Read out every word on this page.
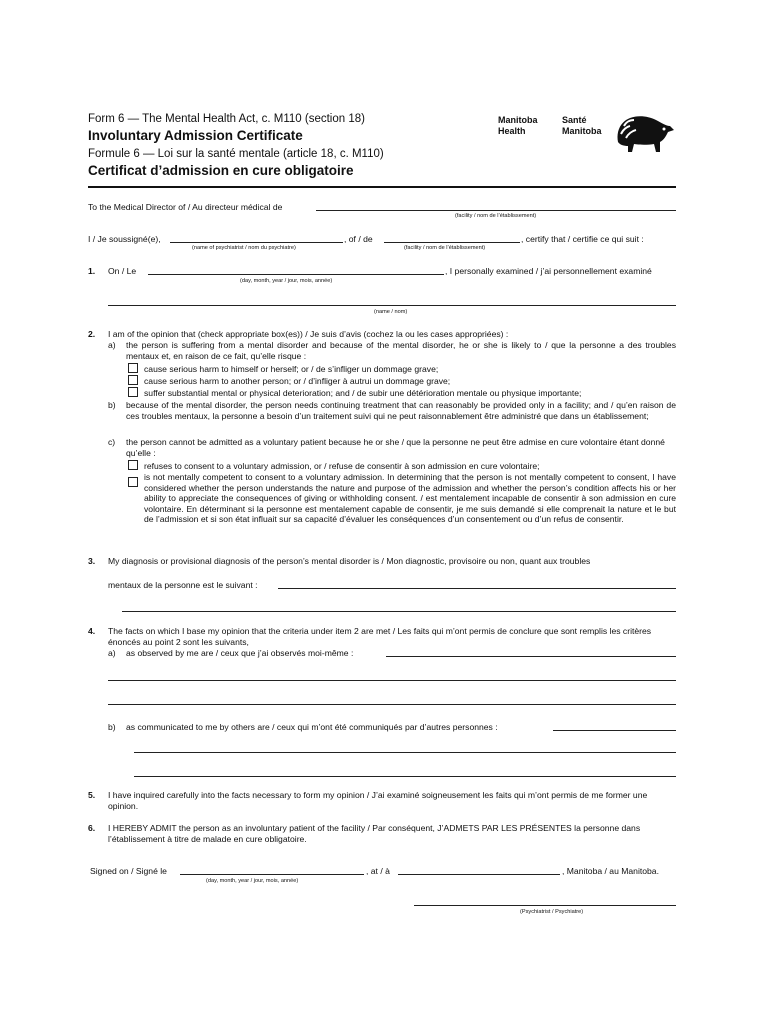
Form 6 — The Mental Health Act, c. M110 (section 18)
Involuntary Admission Certificate
Formule 6 — Loi sur la santé mentale (article 18, c. M110)
Certificat d’admission en cure obligatoire
Manitoba Health
Santé Manitoba
To the Medical Director of / Au directeur médical de
(facility / nom de l’établissement)
I / Je soussigné(e),	, of / de	, certify that / certifie ce qui suit :
(name of psychiatrist / nom du psychiatre)	(facility / nom de l’établissement)
1. On / Le	, I personally examined / j’ai personnellement examiné
(day, month, year / jour, mois, année)
(name / nom)
2. I am of the opinion that (check appropriate box(es)) / Je suis d’avis (cochez la ou les cases appropriées) :
a) the person is suffering from a mental disorder and because of the mental disorder, he or she is likely to / que la personne a des troubles mentaux et, en raison de ce fait, qu’elle risque :
cause serious harm to himself or herself; or / de s’infliger un dommage grave;
cause serious harm to another person; or / d’infliger à autrui un dommage grave;
suffer substantial mental or physical deterioration; and / de subir une détérioration mentale ou physique importante;
b) because of the mental disorder, the person needs continuing treatment that can reasonably be provided only in a facility; and / qu’en raison de ces troubles mentaux, la personne a besoin d’un traitement suivi qui ne peut raisonnablement être administré que dans un établissement;
c) the person cannot be admitted as a voluntary patient because he or she / que la personne ne peut être admise en cure volontaire étant donné qu’elle :
refuses to consent to a voluntary admission, or / refuse de consentir à son admission en cure volontaire;
is not mentally competent to consent to a voluntary admission. In determining that the person is not mentally competent to consent, I have considered whether the person understands the nature and purpose of the admission and whether the person’s condition affects his or her ability to appreciate the consequences of giving or withholding consent. / est mentalement incapable de consentir à son admission en cure volontaire. En déterminant si la personne est mentalement capable de consentir, je me suis demandé si elle comprenait la nature et le but de l’admission et si son état influait sur sa capacité d’évaluer les conséquences d’un consentement ou d’un refus de consentir.
3. My diagnosis or provisional diagnosis of the person’s mental disorder is / Mon diagnostic, provisoire ou non, quant aux troubles
mentaux de la personne est le suivant :
4. The facts on which I base my opinion that the criteria under item 2 are met / Les faits qui m’ont permis de conclure que sont remplis les critères énoncés au point 2 sont les suivants,
a) as observed by me are / ceux que j’ai observés moi-même :
b) as communicated to me by others are / ceux qui m’ont été communiqués par d’autres personnes :
5. I have inquired carefully into the facts necessary to form my opinion / J’ai examiné soigneusement les faits qui m’ont permis de me former une opinion.
6. I HEREBY ADMIT the person as an involuntary patient of the facility / Par conséquent, J’ADMETS PAR LES PRÉSENTES la personne dans l’établissement à titre de malade en cure obligatoire.
Signed on / Signé le	, at / à	, Manitoba / au Manitoba.
(day, month, year / jour, mois, année)
(Psychiatrist / Psychiatre)
